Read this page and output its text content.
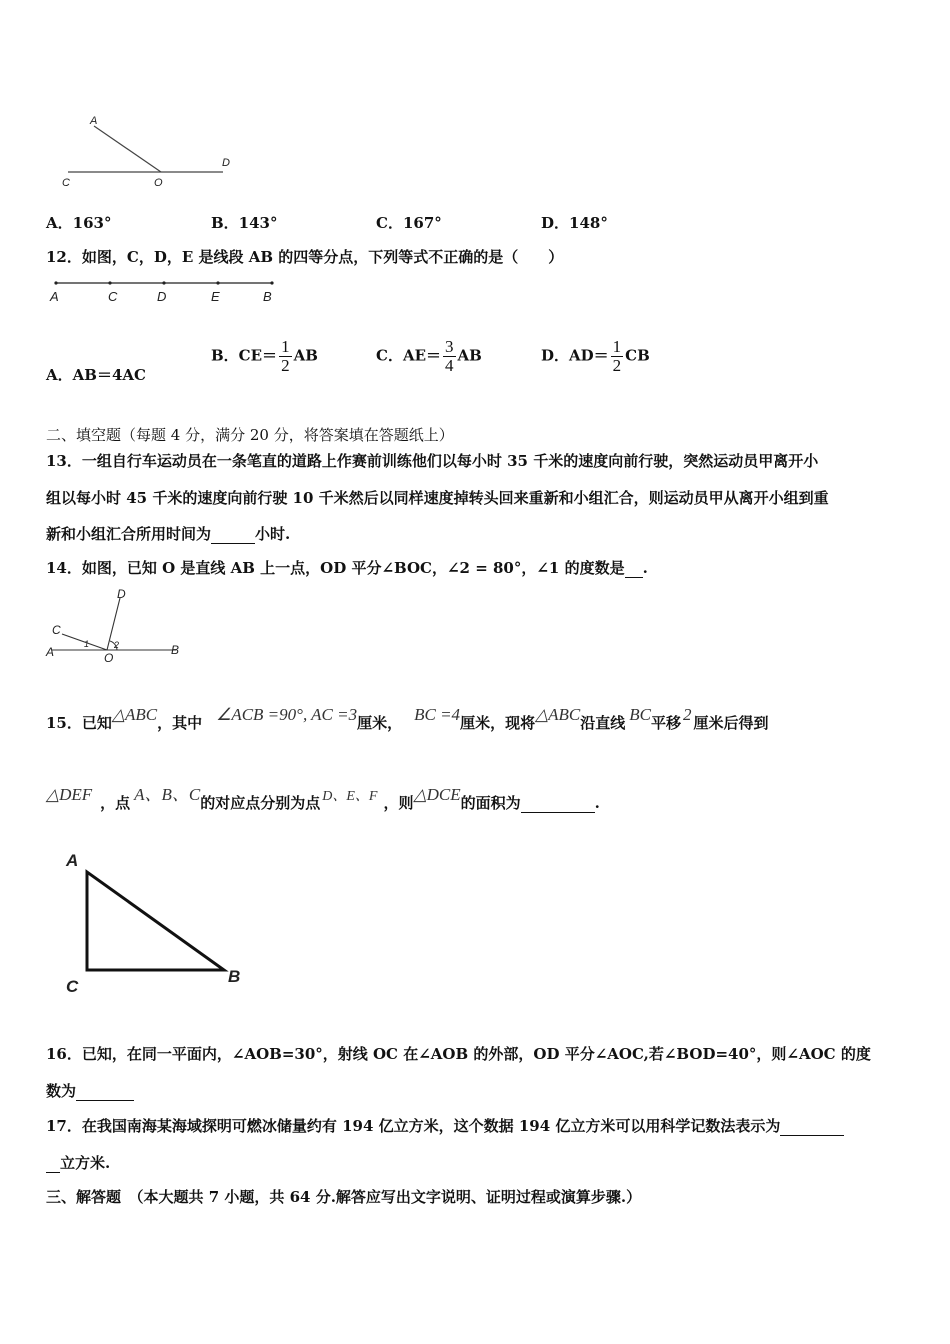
A
D
C	O
A．163°	B．143°	C．167°	D．148°
12．如图，C，D，E 是线段 AB 的四等分点，下列等式不正确的是（　　）
A	C	D	E	B
A．AB＝4AC
B．$CE= \frac{1}{2}$ AB	C．$AE= \frac{3}{4}$ AB	D．$AD= \frac{1}{2}$ CB
二、填空题（每题 4 分，满分 20 分，将答案填在答题纸上）
13．一组自行车运动员在一条笔直的道路上作赛前训练他们以每小时 35 千米的速度向前行驶，突然运动员甲离开小
组以每小时 45 千米的速度向前行驶 10 千米然后以同样速度掉转头回来重新和小组汇合，则运动员甲从离开小组到重
新和小组汇合所用时间为	小时.
14．如图，已知 O 是直线 AB 上一点，OD 平分∠BOC，∠2 = 80°，∠1 的度数是 .
D
C
A	O
B
1	2
15．已知△ABC，其中 ∠ACB =90°, AC =3厘米， BC =4厘米，现将△ABC沿直线 BC平移 2 厘米后得到
△DEF ，点 A、B、C的对应点分别为点 D、E、F ，则△DCE的面积为	.
A
C
B
16．已知，在同一平面内，∠AOB=30°，射线 OC 在∠AOB 的外部，OD 平分∠AOC,若∠BOD=40°，则∠AOC 的度
数为
17．在我国南海某海域探明可燃冰储量约有 194 亿立方米，这个数据 194 亿立方米可以用科学记数法表示为
立方米.
三、解答题　（本大题共 7 小题，共 64 分.解答应写出文字说明、证明过程或演算步骤.）
